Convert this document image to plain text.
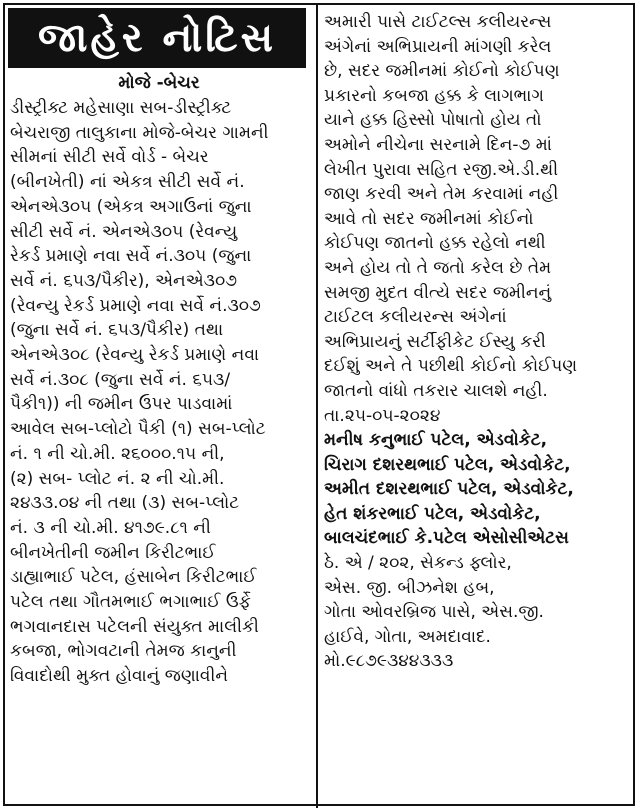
જાહેર નોટિસ
મોજે -બેચર
ડીસ્ટ્રીક્ટ મહેસાણા સબ-ડીસ્ટ્રીક્ટ
બેચરાજી તાલુકાના મોજે-બેચર ગામની
સીમનાં સીટી સર્વે વોર્ડ - બેચર
(બીનખેતી) નાં એકત્ર સીટી સર્વે નં.
એનએ૩૦૫ (એકત્ર અગાઉનાં જુના
સીટી સર્વે નં. એનએ૩૦૫ (રેવન્યુ
રેકર્ડ પ્રમાણે નવા સર્વે નં.૩૦૫ (જુના
સર્વે નં. ૬૫૩/પૈકીર), એનએ૩૦૭
(રેવન્યુ રેકર્ડ પ્રમાણે નવા સર્વે નં.૩૦૭
(જુના સર્વે નં. ૬૫૩/પૈકીર) તથા
એનએ૩૦૮ (રેવન્યુ રેકર્ડ પ્રમાણે નવા
સર્વે નં.૩૦૮ (જુના સર્વે નં. ૬૫૩/
પૈકી૧)) ની જમીન ઉપર પાડવામાં
આવેલ સબ-પ્લોટો પૈકી (૧) સબ-પ્લોટ
નં. ૧ ની ચો.મી. ૨૬૦૦૦.૧૫ ની,
(૨) સબ- પ્લોટ નં. ૨ ની ચો.મી.
૨૪૩૩.૦૪ ની તથા (૩) સબ-પ્લોટ
નં. ૩ ની ચો.મી. ૪૧૭૯.૮૧ ની
બીનખેતીની જમીન કિરીટભાઈ
ડાહ્યાભાઈ પટેલ, હંસાબેન કિરીટભાઈ
પટેલ તથા ગૌતમભાઈ ભગાભાઈ ઉર્ફે
ભગવાનદાસ પટેલની સંયુક્ત માલીકી
કબજા, ભોગવટાની તેમજ કાનુની
વિવાદોથી મુક્ત હોવાનું જણાવીને
અમારી પાસે ટાઈટલ્સ કલીયરન્સ
અંગેનાં અભિપ્રાયની માંગણી કરેલ
છે, સદર જમીનમાં કોઈનો કોઈપણ
પ્રકારનો કબજા હક્ક કે લાગભાગ
યાને હક્ક હિસ્સો પોષાતો હોય તો
અમોને નીચેના સરનામે દિન-૭ માં
લેખીત પુરાવા સહિત રજી.એ.ડી.થી
જાણ કરવી અને તેમ કરવામાં નહી
આવે તો સદર જમીનમાં કોઈનો
કોઈપણ જાતનો હક્ક રહેલો નથી
અને હોય તો તે જતો કરેલ છે તેમ
સમજી મુદત વીત્યે સદર જમીનનું
ટાઈટલ કલીયરન્સ અંગેનાં
અભિપ્રાયનું સર્ટીફીકેટ ઈસ્યુ કરી
દઈશું અને તે પછીથી કોઈનો કોઈપણ
જાતનો વાંધો તકરાર ચાલશે નહી.
તા.૨૫-૦૫-૨૦૨૪
મનીષ કનુભાઈ પટેલ, એડવોકેટ,
ચિરાગ દશરથભાઈ પટેલ, એડવોકેટ,
અમીત દશરથભાઈ પટેલ, એડવોકેટ,
હેત શંકરભાઈ પટેલ, એડવોકેટ,
બાલચંદભાઈ કે.પટેલ એસોસીએટસ
ઠે. એ / ૨૦૨, સેકન્ડ ફ્લોર,
એસ. જી. બીઝનેશ હબ,
ગોતા ઓવરબ્રિજ પાસે, એસ.જી.
હાઈવે, ગોતા, અમદાવાદ.
મો.૯૮૭૯૩૪૪૩૩૩
